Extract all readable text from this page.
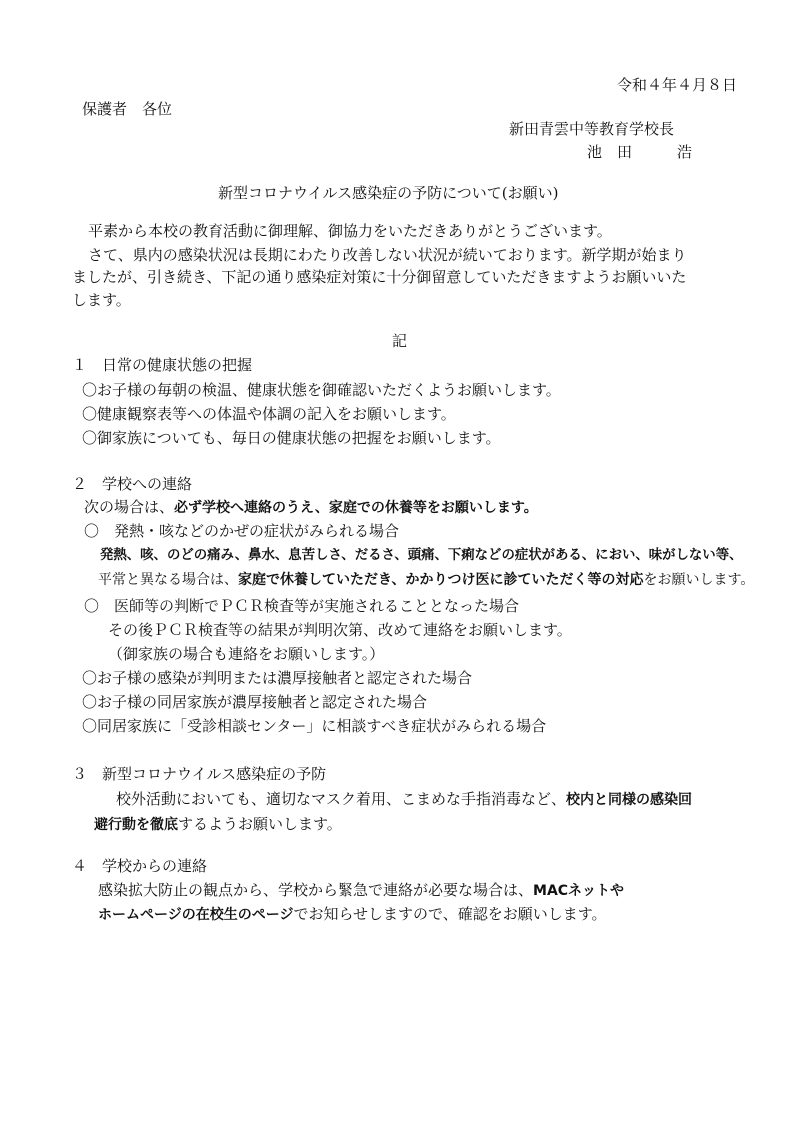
令和４年４月８日

保護者　各位

新田青雲中等教育学校長

池　田　　　浩

新型コロナウイルス感染症の予防について(お願い)

平素から本校の教育活動に御理解、御協力をいただきありがとうございます。

さて、県内の感染状況は長期にわたり改善しない状況が続いております。新学期が始まり

ましたが、引き続き、下記の通り感染症対策に十分御留意していただきますようお願いいた

します。

記

１　日常の健康状態の把握

〇お子様の毎朝の検温、健康状態を御確認いただくようお願いします。

〇健康観察表等への体温や体調の記入をお願いします。

〇御家族についても、毎日の健康状態の把握をお願いします。

２　学校への連絡

次の場合は、必ず学校へ連絡のうえ、家庭での休養等をお願いします。

〇　発熱・咳などのかぜの症状がみられる場合

発熱、咳、のどの痛み、鼻水、息苦しさ、だるさ、頭痛、下痢などの症状がある、におい、味がしない等、

平常と異なる場合は、家庭で休養していただき、かかりつけ医に診ていただく等の対応をお願いします。

〇　医師等の判断でＰＣＲ検査等が実施されることとなった場合

その後ＰＣＲ検査等の結果が判明次第、改めて連絡をお願いします。

（御家族の場合も連絡をお願いします。）

〇お子様の感染が判明または濃厚接触者と認定された場合

〇お子様の同居家族が濃厚接触者と認定された場合

〇同居家族に「受診相談センター」に相談すべき症状がみられる場合

３　新型コロナウイルス感染症の予防

校外活動においても、適切なマスク着用、こまめな手指消毒など、校内と同様の感染回

避行動を徹底するようお願いします。

４　学校からの連絡

感染拡大防止の観点から、学校から緊急で連絡が必要な場合は、MACネットや

ホームページの在校生のページでお知らせしますので、確認をお願いします。
